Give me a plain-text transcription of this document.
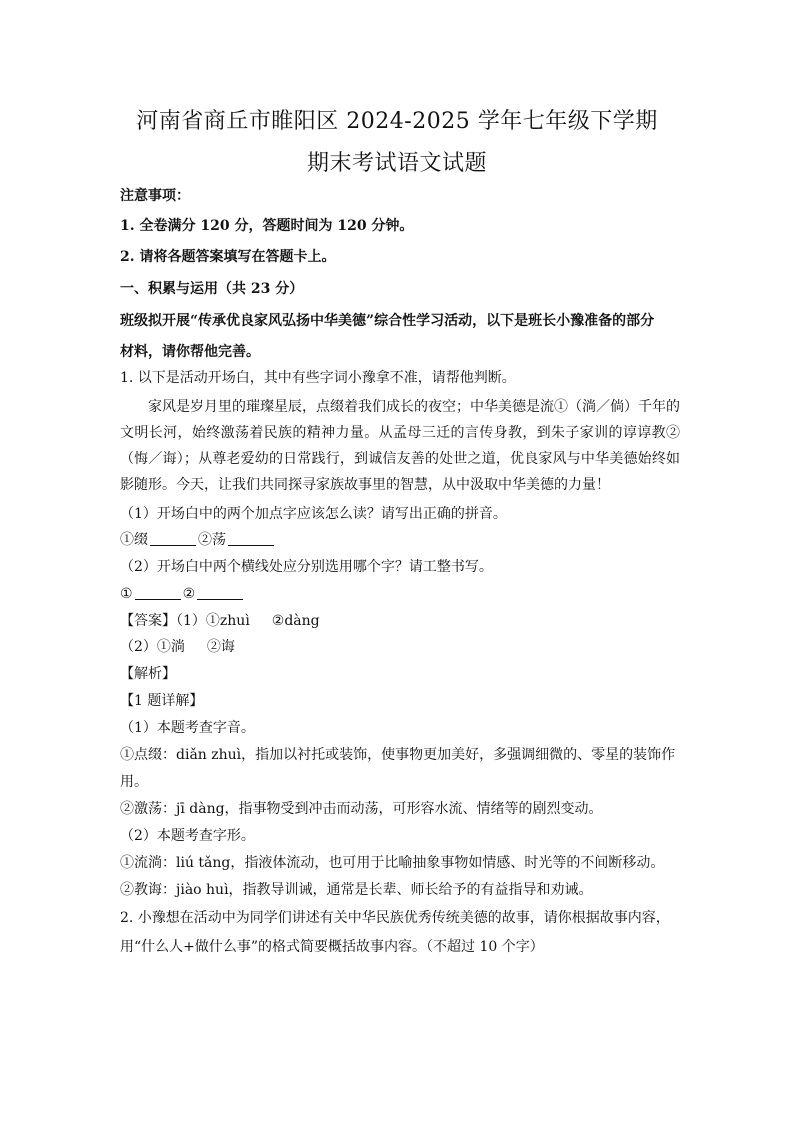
河南省商丘市睢阳区 2024-2025 学年七年级下学期
期末考试语文试题
注意事项：
1. 全卷满分 120 分，答题时间为 120 分钟。
2. 请将各题答案填写在答题卡上。
一、积累与运用（共 23 分）
班级拟开展“传承优良家风弘扬中华美德”综合性学习活动，以下是班长小豫准备的部分
材料，请你帮他完善。
1. 以下是活动开场白，其中有些字词小豫拿不准，请帮他判断。
家风是岁月里的璀璨星辰，点缀着我们成长的夜空；中华美德是流①（淌／倘）千年的文明长河，始终激荡着民族的精神力量。从孟母三迁的言传身教，到朱子家训的谆谆教②（悔／诲）；从尊老爱幼的日常践行，到诚信友善的处世之道，优良家风与中华美德始终如影随形。今天，让我们共同探寻家族故事里的智慧，从中汲取中华美德的力量！
（1）开场白中的两个加点字应该怎么读？请写出正确的拼音。
①缀	②荡
（2）开场白中两个横线处应分别选用哪个字？请工整书写。
①	②
【答案】（1）①zhuì ②dàng
（2）①淌 ②诲
【解析】
【1 题详解】
（1）本题考查字音。
①点缀：diǎn zhuì，指加以衬托或装饰，使事物更加美好，多强调细微的、零星的装饰作
用。
②激荡：jī dàng，指事物受到冲击而动荡，可形容水流、情绪等的剧烈变动。
（2）本题考查字形。
①流淌：liú tǎng，指液体流动，也可用于比喻抽象事物如情感、时光等的不间断移动。
②教诲：jiào huì，指教导训诫，通常是长辈、师长给予的有益指导和劝诫。
2. 小豫想在活动中为同学们讲述有关中华民族优秀传统美德的故事，请你根据故事内容，
用“什么人+做什么事”的格式简要概括故事内容。（不超过 10 个字）
